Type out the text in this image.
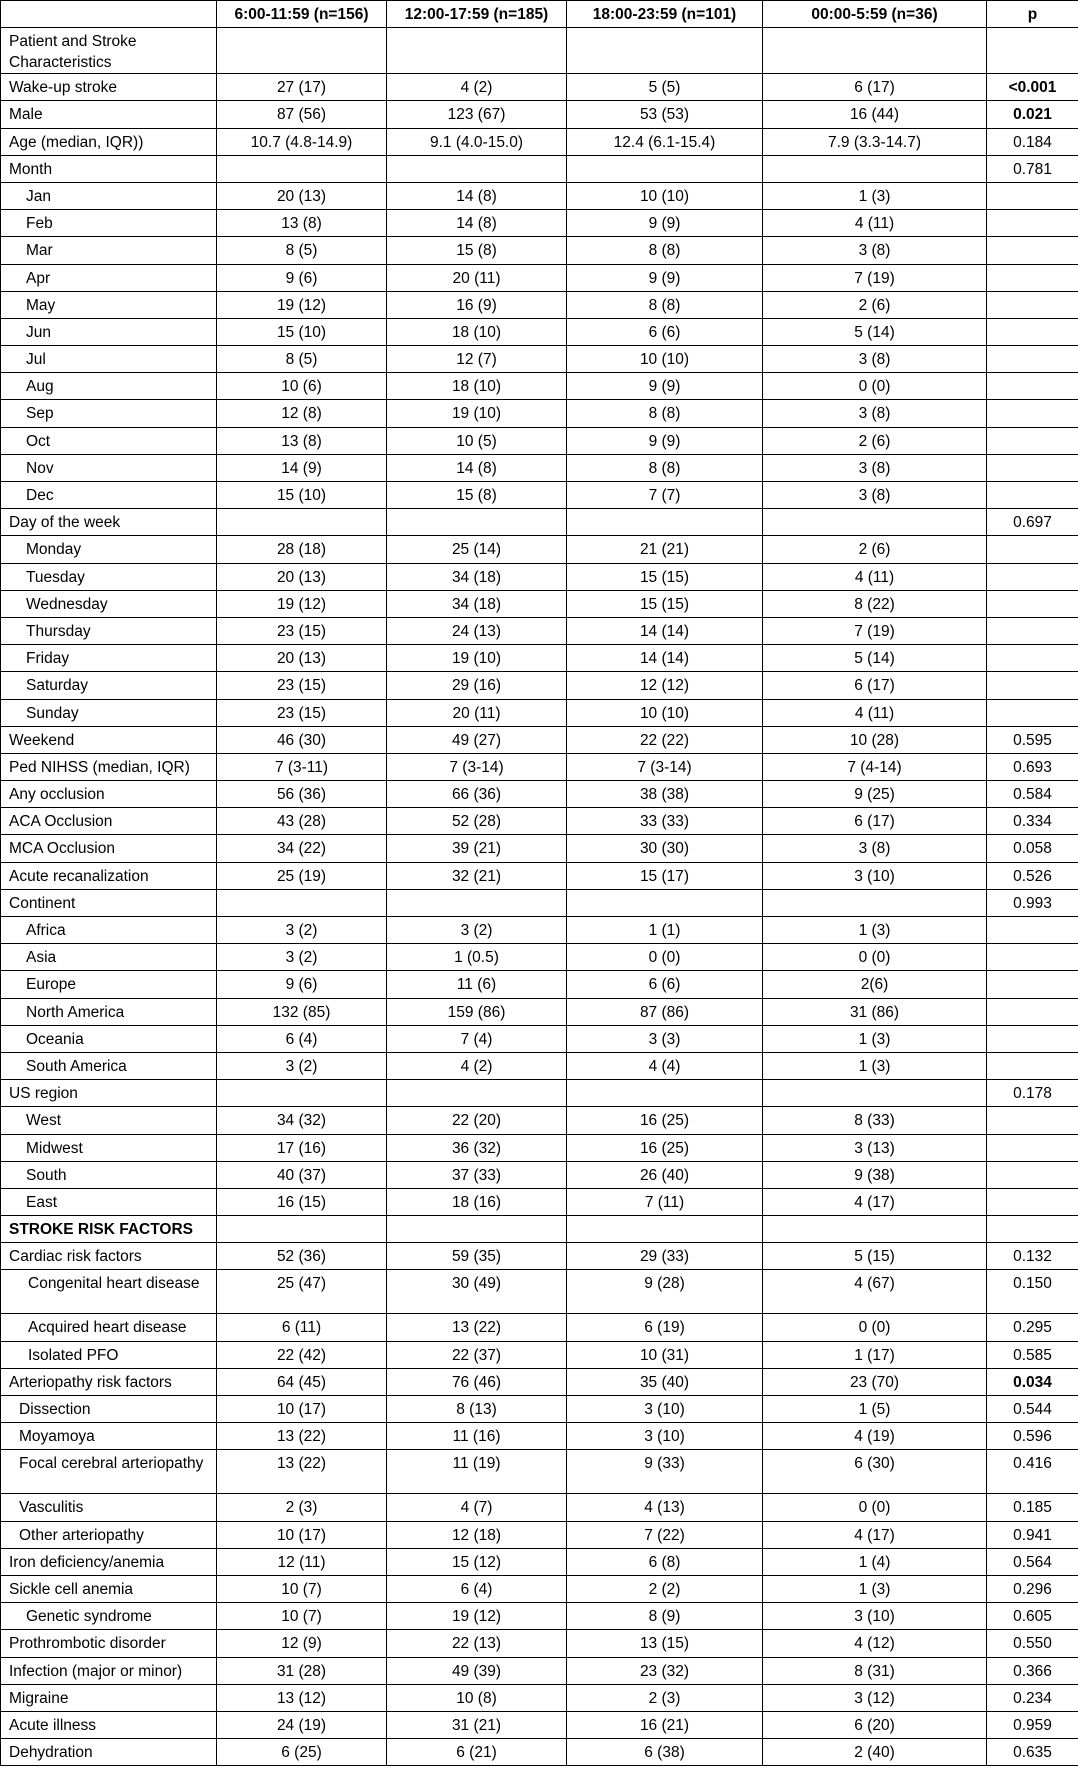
	6:00-11:59 (n=156)	12:00-17:59 (n=185)	18:00-23:59 (n=101)	00:00-5:59 (n=36)	p
Patient and Stroke Characteristics					
Wake-up stroke	27 (17)	4 (2)	5 (5)	6 (17)	<0.001
Male	87 (56)	123 (67)	53 (53)	16 (44)	0.021
Age (median, IQR))	10.7 (4.8-14.9)	9.1 (4.0-15.0)	12.4 (6.1-15.4)	7.9 (3.3-14.7)	0.184
Month					0.781
Jan	20 (13)	14 (8)	10 (10)	1 (3)	
Feb	13 (8)	14 (8)	9 (9)	4 (11)	
Mar	8 (5)	15 (8)	8 (8)	3 (8)	
Apr	9 (6)	20 (11)	9 (9)	7 (19)	
May	19 (12)	16 (9)	8 (8)	2 (6)	
Jun	15 (10)	18 (10)	6 (6)	5 (14)	
Jul	8 (5)	12 (7)	10 (10)	3 (8)	
Aug	10 (6)	18 (10)	9 (9)	0 (0)	
Sep	12 (8)	19 (10)	8 (8)	3 (8)	
Oct	13 (8)	10 (5)	9 (9)	2 (6)	
Nov	14 (9)	14 (8)	8 (8)	3 (8)	
Dec	15 (10)	15 (8)	7 (7)	3 (8)	
Day of the week					0.697
Monday	28 (18)	25 (14)	21 (21)	2 (6)	
Tuesday	20 (13)	34 (18)	15 (15)	4 (11)	
Wednesday	19 (12)	34 (18)	15 (15)	8 (22)	
Thursday	23 (15)	24 (13)	14 (14)	7 (19)	
Friday	20 (13)	19 (10)	14 (14)	5 (14)	
Saturday	23 (15)	29 (16)	12 (12)	6 (17)	
Sunday	23 (15)	20 (11)	10 (10)	4 (11)	
Weekend	46 (30)	49 (27)	22 (22)	10 (28)	0.595
Ped NIHSS (median, IQR)	7 (3-11)	7 (3-14)	7 (3-14)	7 (4-14)	0.693
Any occlusion	56 (36)	66 (36)	38 (38)	9 (25)	0.584
ACA Occlusion	43 (28)	52 (28)	33 (33)	6 (17)	0.334
MCA Occlusion	34 (22)	39 (21)	30 (30)	3 (8)	0.058
Acute recanalization	25 (19)	32 (21)	15 (17)	3 (10)	0.526
Continent					0.993
Africa	3 (2)	3 (2)	1 (1)	1 (3)	
Asia	3 (2)	1 (0.5)	0 (0)	0 (0)	
Europe	9 (6)	11 (6)	6 (6)	2(6)	
North America	132 (85)	159 (86)	87 (86)	31 (86)	
Oceania	6 (4)	7 (4)	3 (3)	1 (3)	
South America	3 (2)	4 (2)	4 (4)	1 (3)	
US region					0.178
West	34 (32)	22 (20)	16 (25)	8 (33)	
Midwest	17 (16)	36 (32)	16 (25)	3 (13)	
South	40 (37)	37 (33)	26 (40)	9 (38)	
East	16 (15)	18 (16)	7 (11)	4 (17)	
STROKE RISK FACTORS					
Cardiac risk factors	52 (36)	59 (35)	29 (33)	5 (15)	0.132
Congenital heart disease	25 (47)	30 (49)	9 (28)	4 (67)	0.150
Acquired heart disease	6 (11)	13 (22)	6 (19)	0 (0)	0.295
Isolated PFO	22 (42)	22 (37)	10 (31)	1 (17)	0.585
Arteriopathy risk factors	64 (45)	76 (46)	35 (40)	23 (70)	0.034
Dissection	10 (17)	8 (13)	3 (10)	1 (5)	0.544
Moyamoya	13 (22)	11 (16)	3 (10)	4 (19)	0.596
Focal cerebral arteriopathy	13 (22)	11 (19)	9 (33)	6 (30)	0.416
Vasculitis	2 (3)	4 (7)	4 (13)	0 (0)	0.185
Other arteriopathy	10 (17)	12 (18)	7 (22)	4 (17)	0.941
Iron deficiency/anemia	12 (11)	15 (12)	6 (8)	1 (4)	0.564
Sickle cell anemia	10 (7)	6 (4)	2 (2)	1 (3)	0.296
Genetic syndrome	10 (7)	19 (12)	8 (9)	3 (10)	0.605
Prothrombotic disorder	12 (9)	22 (13)	13 (15)	4 (12)	0.550
Infection (major or minor)	31 (28)	49 (39)	23 (32)	8 (31)	0.366
Migraine	13 (12)	10 (8)	2 (3)	3 (12)	0.234
Acute illness	24 (19)	31 (21)	16 (21)	6 (20)	0.959
Dehydration	6 (25)	6 (21)	6 (38)	2 (40)	0.635
